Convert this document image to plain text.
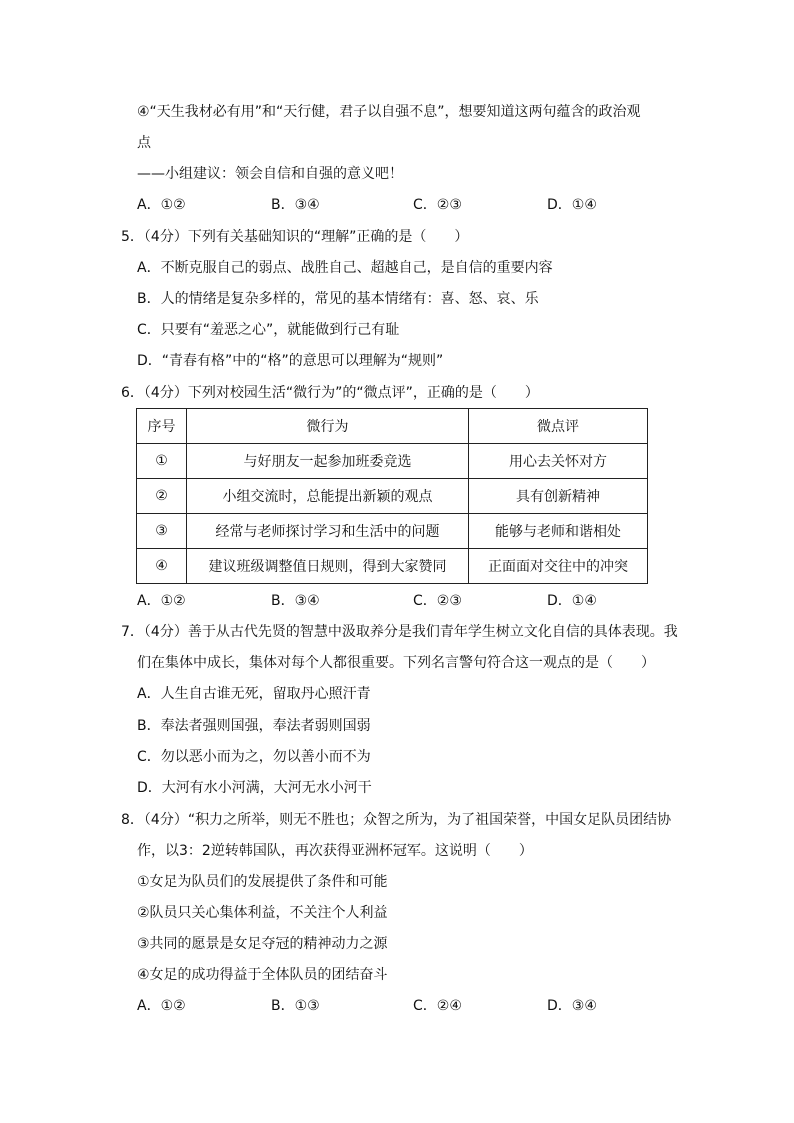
④“天生我材必有用”和“天行健，君子以自强不息”，想要知道这两句蕴含的政治观
点
——小组建议：领会自信和自强的意义吧！
A．①②	B．③④	C．②③	D．①④
5．（4分）下列有关基础知识的“理解”正确的是（　　）
A．不断克服自己的弱点、战胜自己、超越自己，是自信的重要内容
B．人的情绪是复杂多样的，常见的基本情绪有：喜、怒、哀、乐
C．只要有“羞恶之心”，就能做到行己有耻
D．“青春有格”中的“格”的意思可以理解为“规则”
6．（4分）下列对校园生活“微行为”的“微点评”，正确的是（　　）
序号	微行为	微点评
①	与好朋友一起参加班委竞选	用心去关怀对方
②	小组交流时，总能提出新颖的观点	具有创新精神
③	经常与老师探讨学习和生活中的问题	能够与老师和谐相处
④	建议班级调整值日规则，得到大家赞同	正面面对交往中的冲突
A．①②	B．③④	C．②③	D．①④
7．（4分）善于从古代先贤的智慧中汲取养分是我们青年学生树立文化自信的具体表现。我
们在集体中成长，集体对每个人都很重要。下列名言警句符合这一观点的是（　　）
A．人生自古谁无死，留取丹心照汗青
B．奉法者强则国强，奉法者弱则国弱
C．勿以恶小而为之，勿以善小而不为
D．大河有水小河满，大河无水小河干
8．（4分）“积力之所举，则无不胜也；众智之所为，为了祖国荣誉，中国女足队员团结协
作，以3：2逆转韩国队，再次获得亚洲杯冠军。这说明（　　）
①女足为队员们的发展提供了条件和可能
②队员只关心集体利益，不关注个人利益
③共同的愿景是女足夺冠的精神动力之源
④女足的成功得益于全体队员的团结奋斗
A．①②	B．①③	C．②④	D．③④
